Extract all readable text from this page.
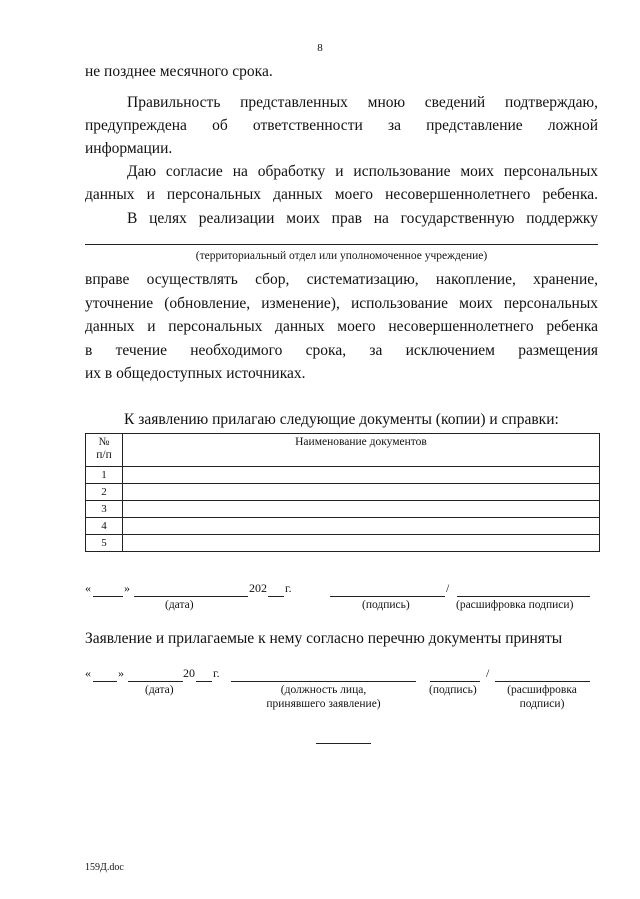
8
не позднее месячного срока.
Правильность представленных мною сведений подтверждаю,
предупреждена об ответственности за представление ложной
информации.
Даю согласие на обработку и использование моих персональных
данных и персональных данных моего несовершеннолетнего ребенка.
В целях реализации моих прав на государственную поддержку
(территориальный отдел или уполномоченное учреждение)
вправе осуществлять сбор, систематизацию, накопление, хранение,
уточнение (обновление, изменение), использование моих персональных
данных и персональных данных моего несовершеннолетнего ребенка
в течение необходимого срока, за исключением размещения
их в общедоступных источниках.
К заявлению прилагаю следующие документы (копии) и справки:
№
п/п	Наименование документов
1	
2	
3	
4	
5	
«	»	202 г.	/
(дата)	(подпись)	(расшифровка подписи)
Заявление и прилагаемые к нему согласно перечню документы приняты
« »	20 г.	/
(дата)	(должность лица,
принявшего заявление)
(подпись)	(расшифровка
подписи)
159Д.doc
